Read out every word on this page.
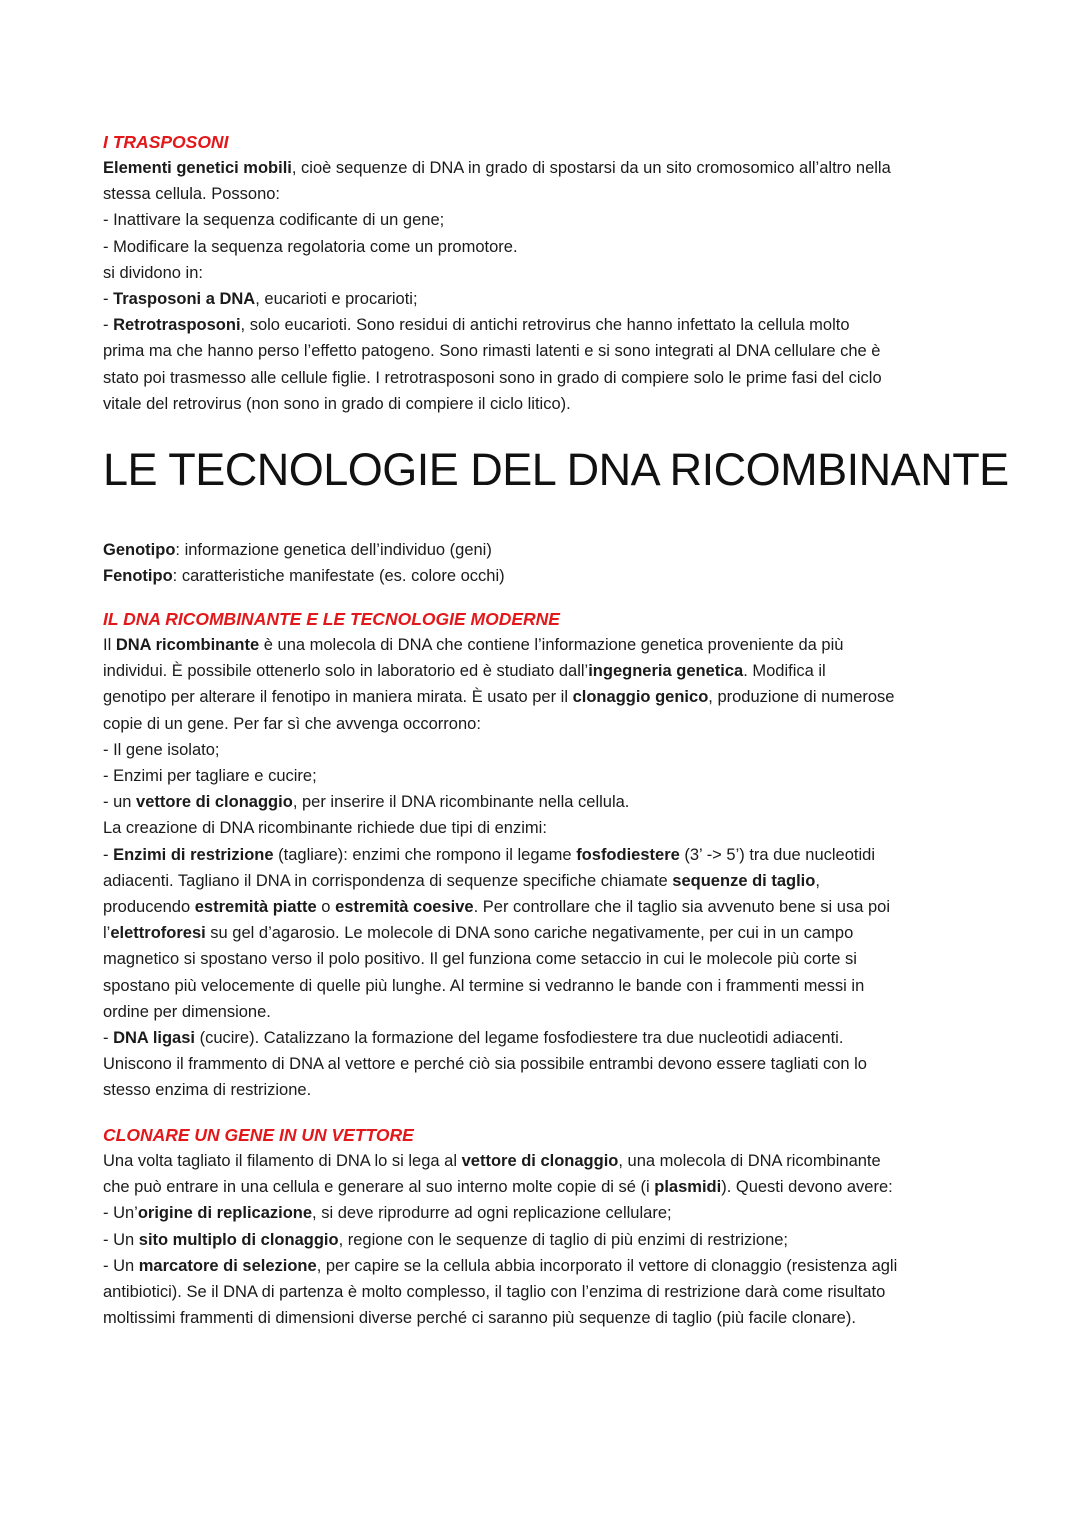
I TRASPOSONI
Elementi genetici mobili, cioè sequenze di DNA in grado di spostarsi da un sito cromosomico all’altro nella
stessa cellula. Possono:
- Inattivare la sequenza codificante di un gene;
- Modificare la sequenza regolatoria come un promotore.
si dividono in:
- Trasposoni a DNA, eucarioti e procarioti;
- Retrotrasposoni, solo eucarioti. Sono residui di antichi retrovirus che hanno infettato la cellula molto
prima ma che hanno perso l’effetto patogeno. Sono rimasti latenti e si sono integrati al DNA cellulare che è
stato poi trasmesso alle cellule figlie. I retrotrasposoni sono in grado di compiere solo le prime fasi del ciclo
vitale del retrovirus (non sono in grado di compiere il ciclo litico).
LE TECNOLOGIE DEL DNA RICOMBINANTE
Genotipo: informazione genetica dell’individuo (geni)
Fenotipo: caratteristiche manifestate (es. colore occhi)
IL DNA RICOMBINANTE E LE TECNOLOGIE MODERNE
Il DNA ricombinante è una molecola di DNA che contiene l’informazione genetica proveniente da più
individui. È possibile ottenerlo solo in laboratorio ed è studiato dall’ingegneria genetica. Modifica il
genotipo per alterare il fenotipo in maniera mirata. È usato per il clonaggio genico, produzione di numerose
copie di un gene. Per far sì che avvenga occorrono:
- Il gene isolato;
- Enzimi per tagliare e cucire;
- un vettore di clonaggio, per inserire il DNA ricombinante nella cellula.
La creazione di DNA ricombinante richiede due tipi di enzimi:
- Enzimi di restrizione (tagliare): enzimi che rompono il legame fosfodiestere (3’ -> 5’) tra due nucleotidi
adiacenti. Tagliano il DNA in corrispondenza di sequenze specifiche chiamate sequenze di taglio,
producendo estremità piatte o estremità coesive. Per controllare che il taglio sia avvenuto bene si usa poi
l’elettroforesi su gel d’agarosio. Le molecole di DNA sono cariche negativamente, per cui in un campo
magnetico si spostano verso il polo positivo. Il gel funziona come setaccio in cui le molecole più corte si
spostano più velocemente di quelle più lunghe. Al termine si vedranno le bande con i frammenti messi in
ordine per dimensione.
- DNA ligasi (cucire). Catalizzano la formazione del legame fosfodiestere tra due nucleotidi adiacenti.
Uniscono il frammento di DNA al vettore e perché ciò sia possibile entrambi devono essere tagliati con lo
stesso enzima di restrizione.
CLONARE UN GENE IN UN VETTORE
Una volta tagliato il filamento di DNA lo si lega al vettore di clonaggio, una molecola di DNA ricombinante
che può entrare in una cellula e generare al suo interno molte copie di sé (i plasmidi). Questi devono avere:
- Un’origine di replicazione, si deve riprodurre ad ogni replicazione cellulare;
- Un sito multiplo di clonaggio, regione con le sequenze di taglio di più enzimi di restrizione;
- Un marcatore di selezione, per capire se la cellula abbia incorporato il vettore di clonaggio (resistenza agli
antibiotici). Se il DNA di partenza è molto complesso, il taglio con l’enzima di restrizione darà come risultato
moltissimi frammenti di dimensioni diverse perché ci saranno più sequenze di taglio (più facile clonare).
